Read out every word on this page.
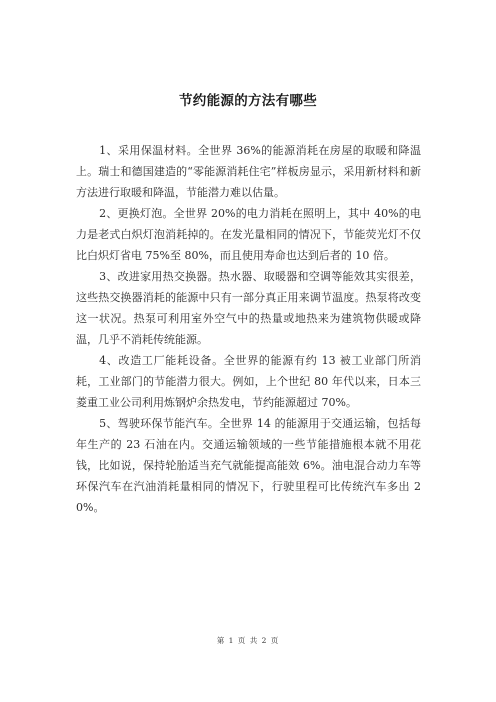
节约能源的方法有哪些

1、采用保温材料。全世界 36%的能源消耗在房屋的取暖和降温上。瑞士和德国建造的“零能源消耗住宅”样板房显示，采用新材料和新方法进行取暖和降温，节能潜力难以估量。

2、更换灯泡。全世界 20%的电力消耗在照明上，其中 40%的电力是老式白炽灯泡消耗掉的。在发光量相同的情况下，节能荧光灯不仅比白炽灯省电 75%至 80%，而且使用寿命也达到后者的 10 倍。

3、改进家用热交换器。热水器、取暖器和空调等能效其实很差，这些热交换器消耗的能源中只有一部分真正用来调节温度。热泵将改变这一状况。热泵可利用室外空气中的热量或地热来为建筑物供暖或降温，几乎不消耗传统能源。

4、改造工厂能耗设备。全世界的能源有约 13 被工业部门所消耗，工业部门的节能潜力很大。例如，上个世纪 80 年代以来，日本三菱重工业公司利用炼钢炉余热发电，节约能源超过 70%。

5、驾驶环保节能汽车。全世界 14 的能源用于交通运输，包括每年生产的 23 石油在内。交通运输领域的一些节能措施根本就不用花钱，比如说，保持轮胎适当充气就能提高能效 6%。油电混合动力车等环保汽车在汽油消耗量相同的情况下，行驶里程可比传统汽车多出 20%。

第 1 页 共 2 页
